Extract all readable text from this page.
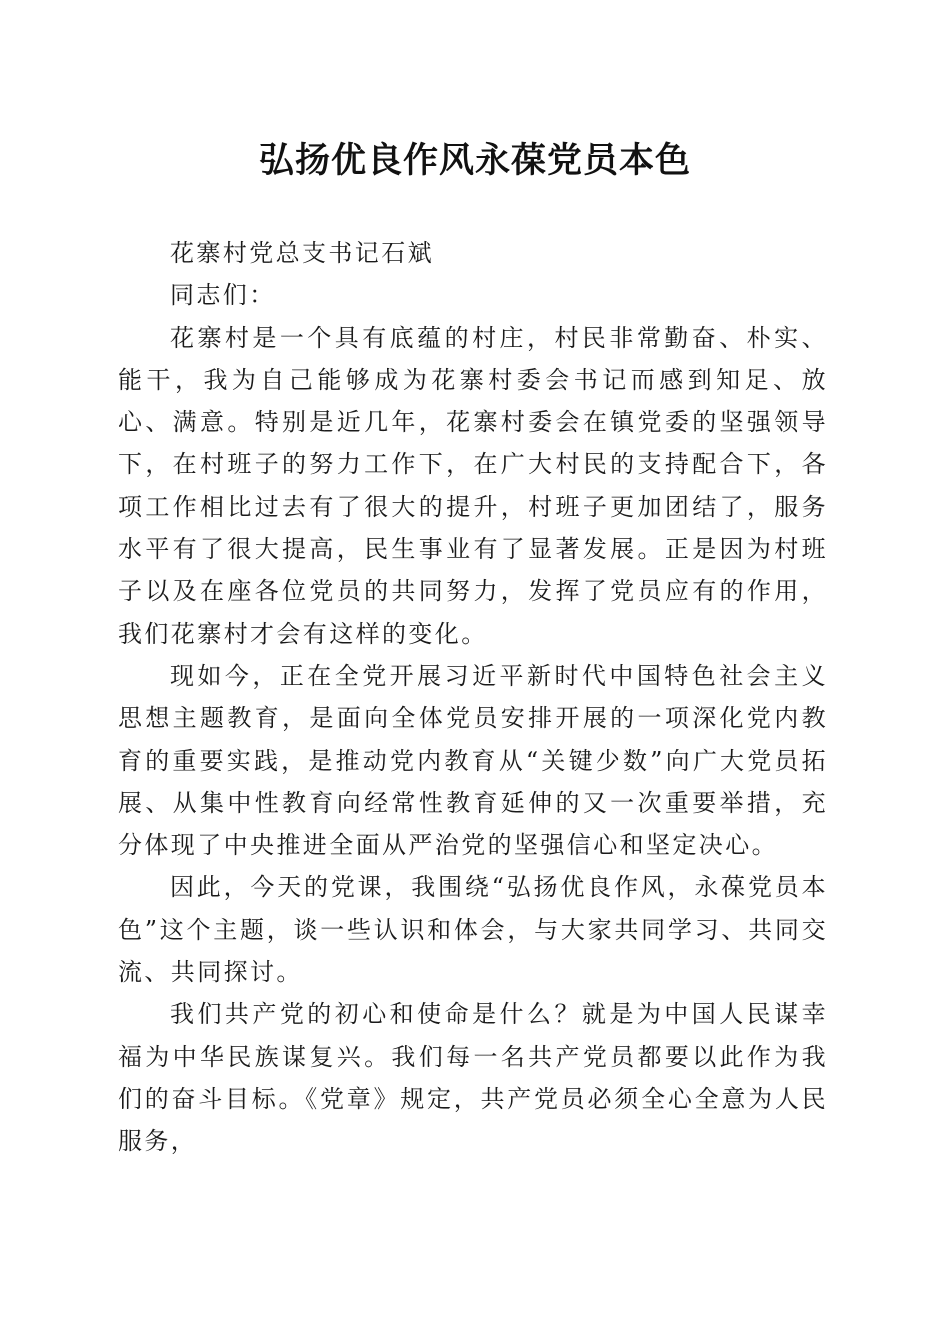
弘扬优良作风永葆党员本色

花寨村党总支书记石斌

同志们：

花寨村是一个具有底蕴的村庄，村民非常勤奋、朴实、能干，我为自己能够成为花寨村委会书记而感到知足、放心、满意。特别是近几年，花寨村委会在镇党委的坚强领导下，在村班子的努力工作下，在广大村民的支持配合下，各项工作相比过去有了很大的提升，村班子更加团结了，服务水平有了很大提高，民生事业有了显著发展。正是因为村班子以及在座各位党员的共同努力，发挥了党员应有的作用，我们花寨村才会有这样的变化。

现如今，正在全党开展习近平新时代中国特色社会主义思想主题教育，是面向全体党员安排开展的一项深化党内教育的重要实践，是推动党内教育从“关键少数”向广大党员拓展、从集中性教育向经常性教育延伸的又一次重要举措，充分体现了中央推进全面从严治党的坚强信心和坚定决心。

因此，今天的党课，我围绕“弘扬优良作风，永葆党员本色”这个主题，谈一些认识和体会，与大家共同学习、共同交流、共同探讨。

我们共产党的初心和使命是什么？就是为中国人民谋幸福为中华民族谋复兴。我们每一名共产党员都要以此作为我们的奋斗目标。《党章》规定，共产党员必须全心全意为人民服务，
